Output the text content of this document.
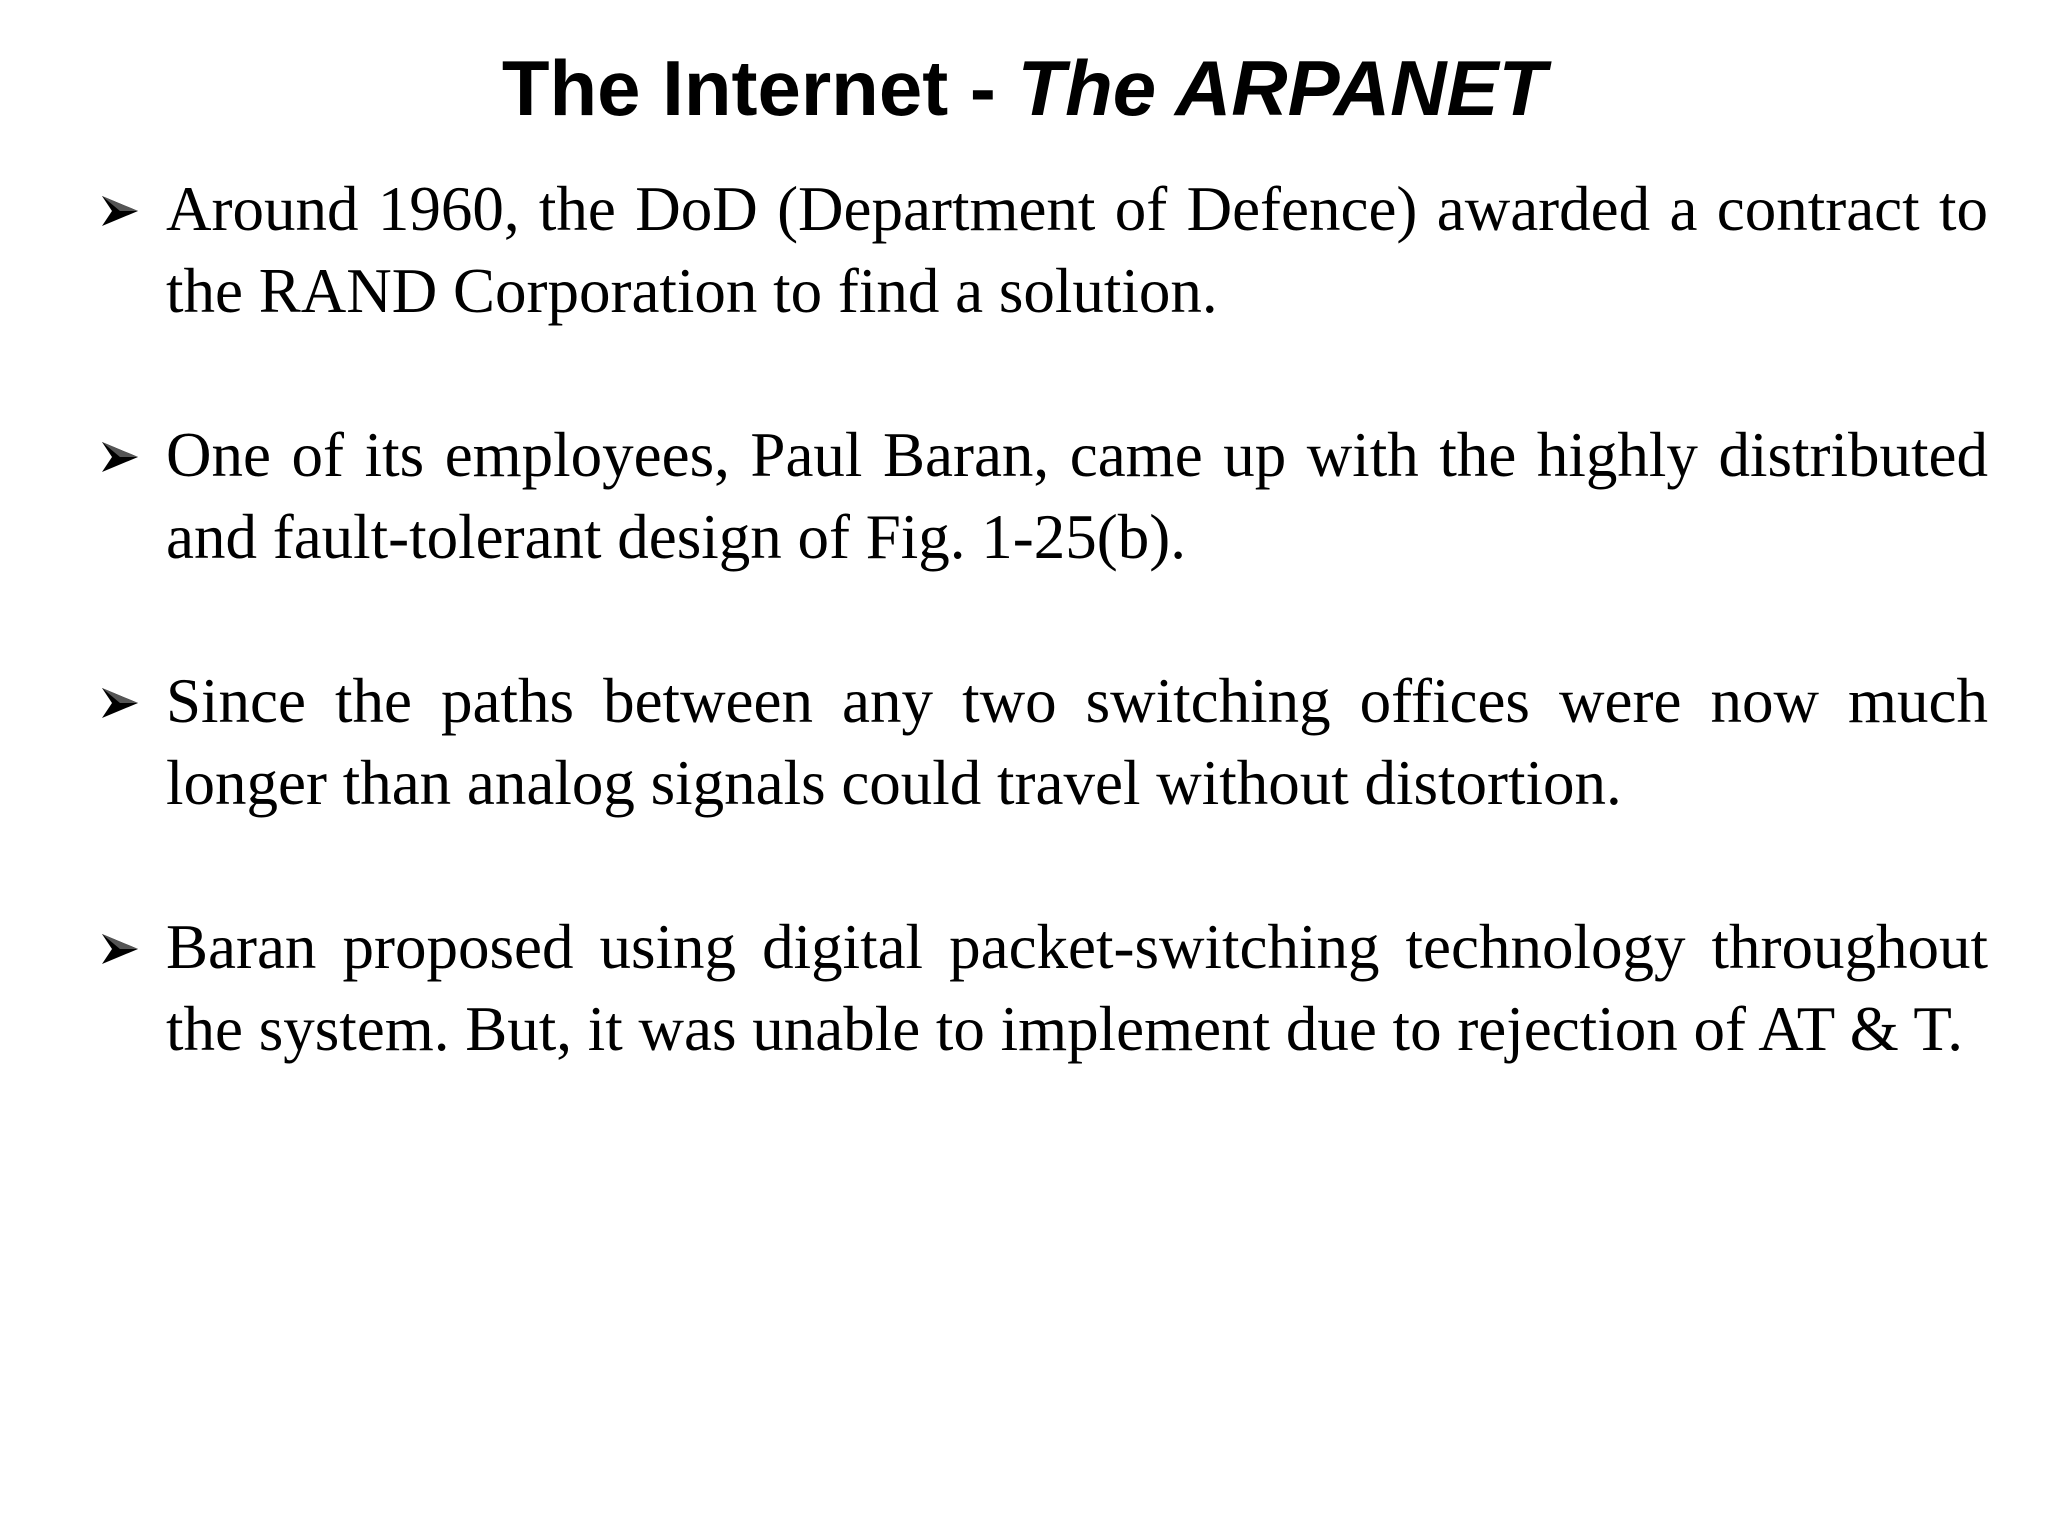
The Internet - The ARPANET
Around 1960, the DoD (Department of Defence) awarded a contract to the RAND Corporation to find a solution.
One of its employees, Paul Baran, came up with the highly distributed and fault-tolerant design of Fig. 1-25(b).
Since the paths between any two switching offices were now much longer than analog signals could travel without distortion.
Baran proposed using digital packet-switching technology throughout the system. But, it was unable to implement due to rejection of AT & T.
